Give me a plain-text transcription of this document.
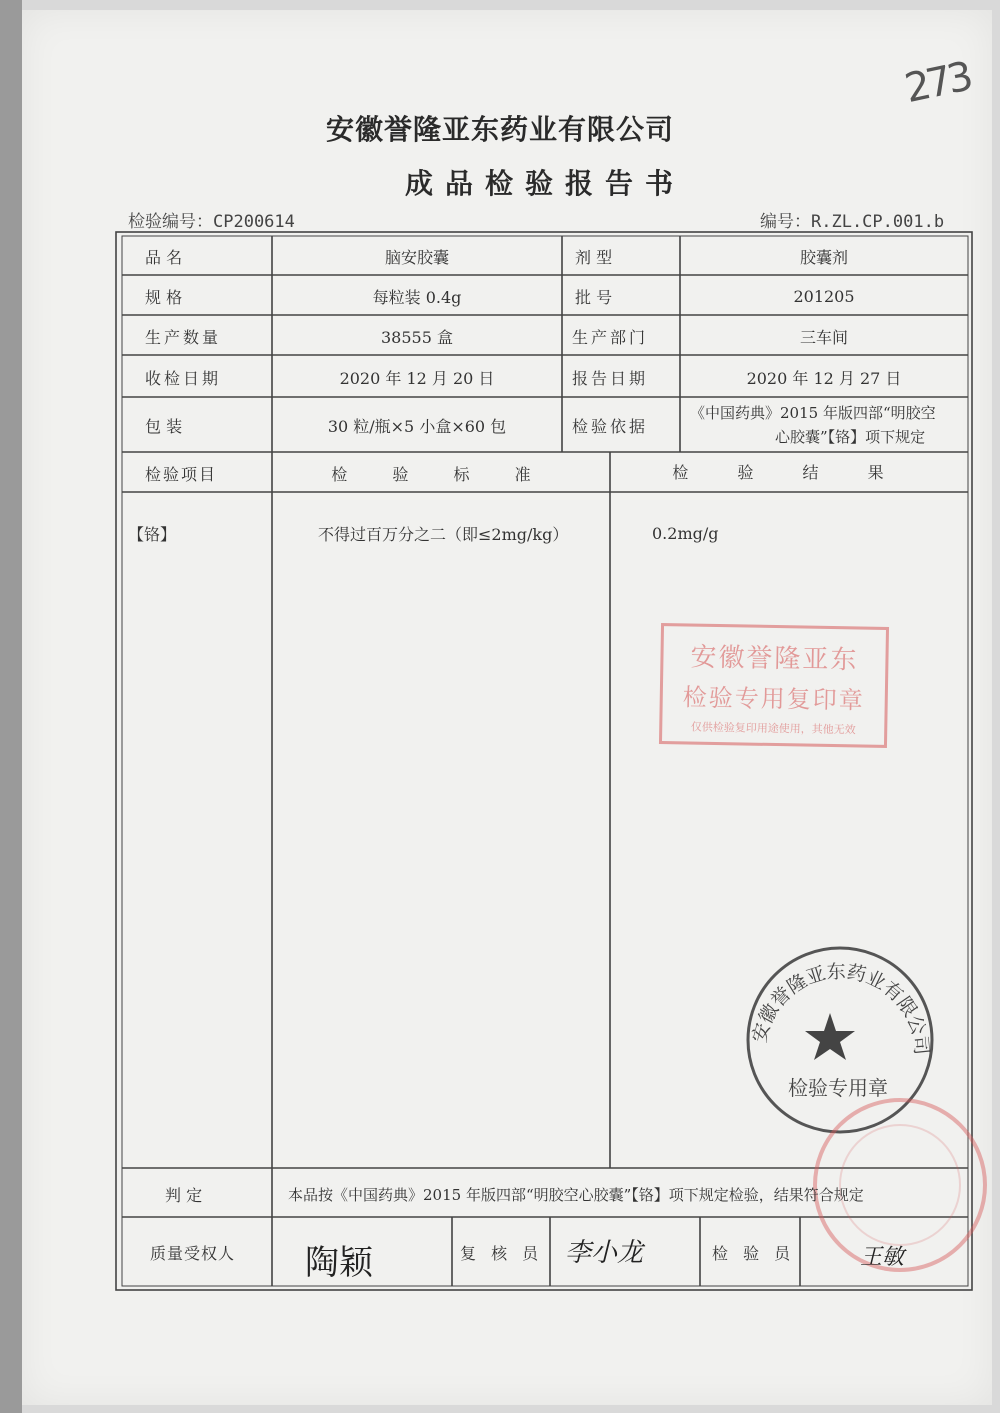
273
安徽誉隆亚东药业有限公司
成品检验报告书
检验编号：CP200614	编号：R.ZL.CP.001.b
品 名	脑安胶囊	剂 型	胶囊剂
规 格	每粒装 0.4g	批 号	201205
生产数量	38555 盒	生产部门	三车间
收检日期	2020 年 12 月 20 日	报告日期	2020 年 12 月 27 日
包 装	30 粒/瓶×5 小盒×60 包	检验依据
《中国药典》2015 年版四部“明胶空
心胶囊”【铬】项下规定
检验项目	检 验 标 准	检 验 结 果
【铬】	不得过百万分之二（即≤2mg/kg）	0.2mg/g
安徽誉隆亚东
检验专用复印章
仅供检验复印用途使用，其他无效
安徽誉隆亚东药业有限公司
检验专用章
判 定	本品按《中国药典》2015 年版四部“明胶空心胶囊”【铬】项下规定检验，结果符合规定
质量受权人	陶颖	复 核 员 李小龙	检 验 员	王敏
